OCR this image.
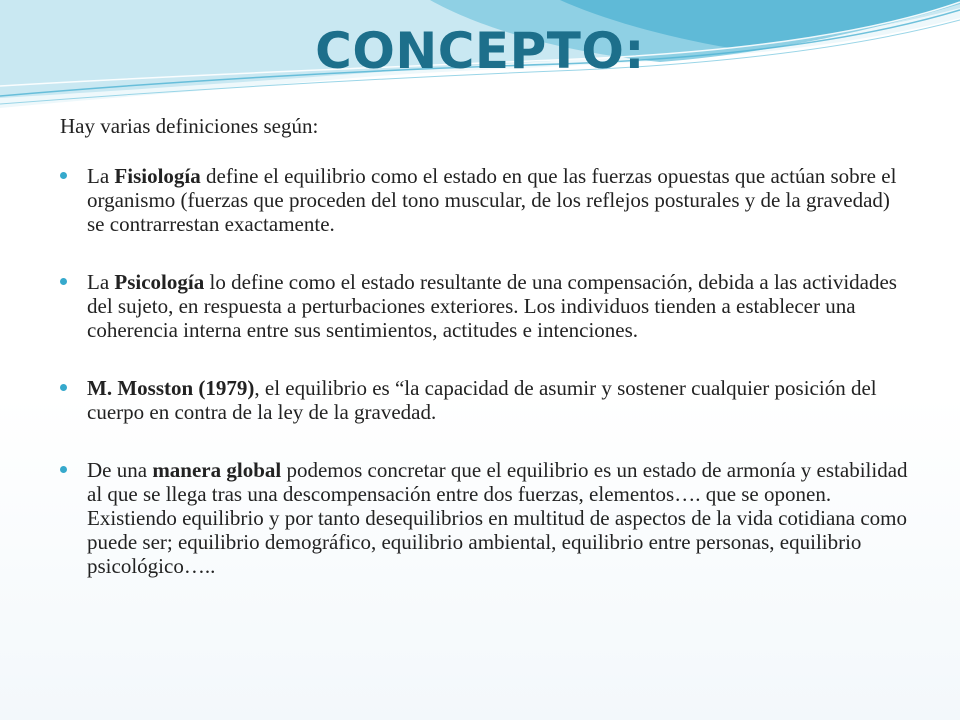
CONCEPTO:

Hay varias definiciones según:

La Fisiología define el equilibrio como el estado en que las fuerzas opuestas que actúan sobre el organismo (fuerzas que proceden del tono muscular, de los reflejos posturales y de la gravedad) se contrarrestan exactamente.
La Psicología lo define como el estado resultante de una compensación, debida a las actividades del sujeto, en respuesta a perturbaciones exteriores. Los individuos tienden a establecer una coherencia interna entre sus sentimientos, actitudes e intenciones.
M. Mosston (1979), el equilibrio es “la capacidad de asumir y sostener cualquier posición del cuerpo en contra de la ley de la gravedad.
De una manera global podemos concretar que el equilibrio es un estado de armonía y estabilidad al que se llega tras una descompensación entre dos fuerzas, elementos…. que se oponen. Existiendo equilibrio y por tanto desequilibrios en multitud de aspectos de la vida cotidiana como puede ser; equilibrio demográfico, equilibrio ambiental, equilibrio entre personas, equilibrio psicológico…..
